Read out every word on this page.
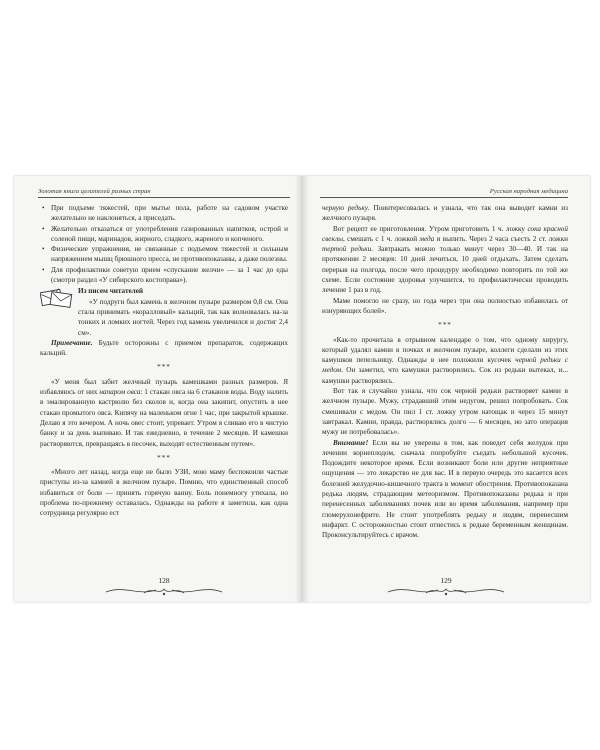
Золотая книга целителей разных стран
• При подъеме тяжестей, при мытье пола, работе на садовом участке желательно не наклоняться, а приседать.
• Желательно отказаться от употребления газированных напитков, острой и соленой пищи, маринадов, жирного, сладкого, жареного и копченого.
• Физические упражнения, не связанные с подъемом тяжестей и сильным напряжением мышц брюшного пресса, не противопоказаны, а даже полезны.
• Для профилактики советую прием «спускание желчи» — за 1 час до еды (смотри раздел «У сибирского костоправа»).

Из писем читателей

«У подруги был камень в желчном пузыре размером 0,8 см. Она стала принимать «коралловый» кальций, так как волновалась на-за тонких и ломких ногтей. Через год камень увеличился и достиг 2,4 см».

Примечание. Будьте осторожны с приемом препаратов, содержащих кальций.

***

«У меня был забит желчный пузырь камешками разных размеров. Я избавляюсь от них напаром овса: 1 стакан овса на 6 стаканов воды. Воду налить в эмалированную кастрюлю без сколов и, когда она закипит, опустить в нее стакан промытого овса. Кипячу на маленьком огне 1 час, при закрытой крышке. Делаю я это вечером. А ночь овес стоит, упревает. Утром я сливаю его в чистую банку и за день выпиваю. И так ежедневно, в течение 2 месяцев. И камешки растворяются, превращаясь в песочек, выходят естественным путем».

***

«Много лет назад, когда еще не было УЗИ, мою маму беспокоили частые приступы из-за камней в желчном пузыре. Помню, что единственный способ избавиться от боли — принять горячую ванну. Боль понемногу утихала, но проблема по-прежнему оставалась. Однажды на работе я заметила, как одна сотрудница регулярно ест

128
Русская народная медицина

черную редьку. Поинтересовалась и узнала, что так она выводит камни из желчного пузыря.

Вот рецепт ее приготовления. Утром приготовить 1 ч. ложку сока красной свеклы, смешать с 1 ч. ложкой меда и выпить. Через 2 часа съесть 2 ст. ложки тертой редьки. Завтракать можно только минут через 30—40. И так на протяжении 2 месяцев: 10 дней лечиться, 10 дней отдыхать. Затем сделать перерыв на полгода, после чего процедуру необходимо повторить по той же схеме. Если состояние здоровья улучшится, то профилактически проводить лечение 1 раз в год.

Маме помогло не сразу, но года через три она полностью избавилась от изнуряющих болей».

***

«Как-то прочитала в отрывном календаре о том, что одному хирургу, который удалял камни в почках и желчном пузыре, коллеги сделали из этих камушков пепельницу. Однажды в нее положили кусочек черной редьки с медом. Он заметил, что камушки растворились. Сок из редьки вытекал, и... камушки растворялись.

Вот так я случайно узнала, что сок черной редьки растворяет камни в желчном пузыре. Мужу, страдавший этим недугом, решил попробовать. Сок смешивали с медом. Он пил 1 ст. ложку утром натощак и через 15 минут завтракал. Камни, правда, растворялись долго — 6 месяцев, но зато операция мужу не потребовалась».

Внимание! Если вы не уверены в том, как поведет себя желудок при лечении корнеплодом, сначала попробуйте съедать небольшой кусочек. Подождите некоторое время. Если возникают боли или другие неприятные ощущения — это лекарство не для вас. И в первую очередь это касается всех болезней желудочно-кишечного тракта в момент обострения. Противопоказана редька людям, страдающим метеоризмом. Противопоказаны редька и при перенесенных заболеваниях почек или во время заболевания, например при гломерулонефрите. Не стоит употреблять редьку и людям, перенесшим инфаркт. С осторожностью стоит отнестись к редьке беременным женщинам. Проконсультируйтесь с врачом.

129
